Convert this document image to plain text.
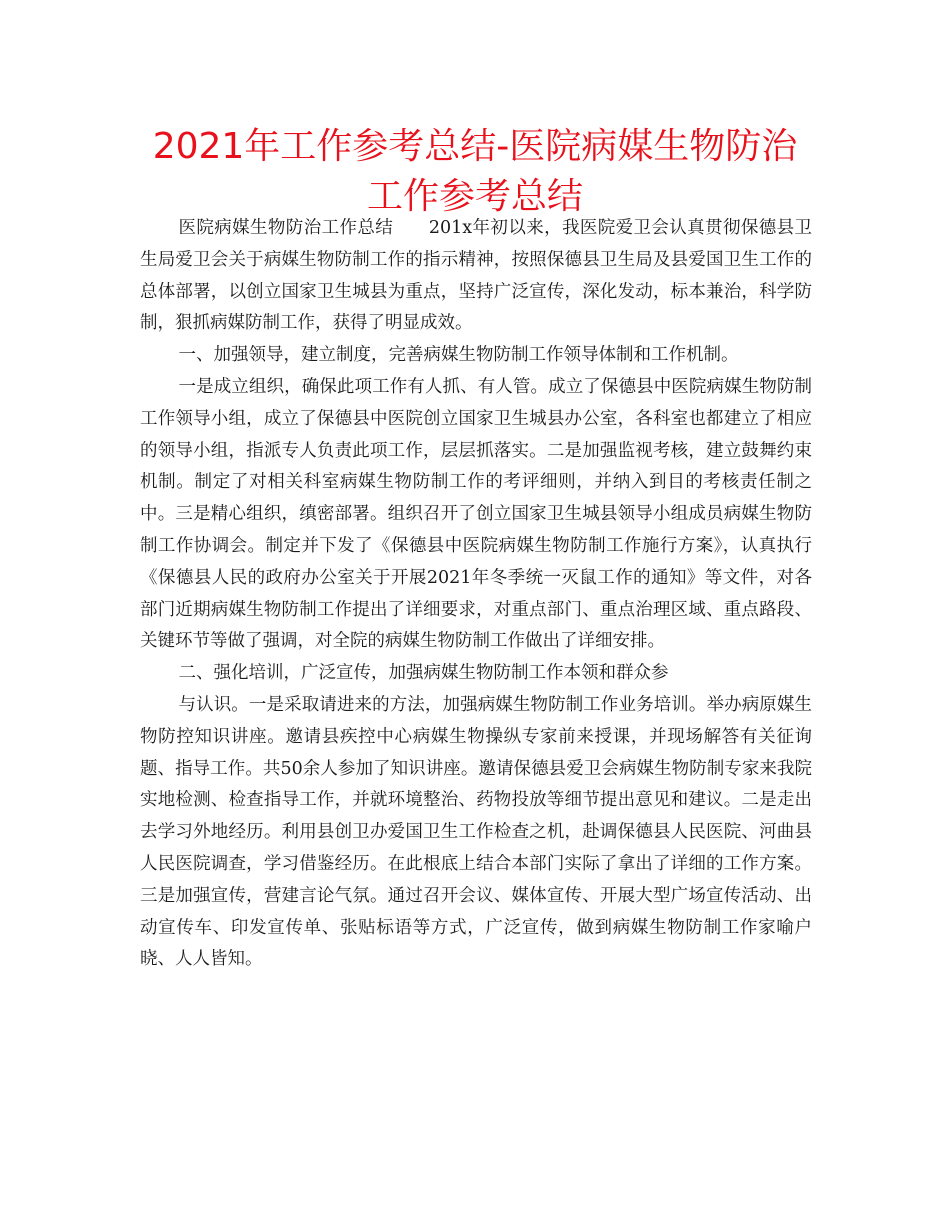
2021年工作参考总结-医院病媒生物防治工作参考总结

医院病媒生物防治工作总结　　201x年初以来，我医院爱卫会认真贯彻保德县卫生局爱卫会关于病媒生物防制工作的指示精神，按照保德县卫生局及县爱国卫生工作的总体部署，以创立国家卫生城县为重点，坚持广泛宣传，深化发动，标本兼治，科学防制，狠抓病媒防制工作，获得了明显成效。

一、加强领导，建立制度，完善病媒生物防制工作领导体制和工作机制。

一是成立组织，确保此项工作有人抓、有人管。成立了保德县中医院病媒生物防制工作领导小组，成立了保德县中医院创立国家卫生城县办公室，各科室也都建立了相应的领导小组，指派专人负责此项工作，层层抓落实。二是加强监视考核，建立鼓舞约束机制。制定了对相关科室病媒生物防制工作的考评细则，并纳入到目的考核责任制之中。三是精心组织，缜密部署。组织召开了创立国家卫生城县领导小组成员病媒生物防制工作协调会。制定并下发了《保德县中医院病媒生物防制工作施行方案》，认真执行《保德县人民的政府办公室关于开展2021年冬季统一灭鼠工作的通知》等文件，对各部门近期病媒生物防制工作提出了详细要求，对重点部门、重点治理区域、重点路段、关键环节等做了强调，对全院的病媒生物防制工作做出了详细安排。

二、强化培训，广泛宣传，加强病媒生物防制工作本领和群众参

与认识。一是采取请进来的方法，加强病媒生物防制工作业务培训。举办病原媒生物防控知识讲座。邀请县疾控中心病媒生物操纵专家前来授课，并现场解答有关征询题、指导工作。共50余人参加了知识讲座。邀请保德县爱卫会病媒生物防制专家来我院实地检测、检查指导工作，并就环境整治、药物投放等细节提出意见和建议。二是走出去学习外地经历。利用县创卫办爱国卫生工作检查之机，赴调保德县人民医院、河曲县人民医院调查，学习借鉴经历。在此根底上结合本部门实际了拿出了详细的工作方案。三是加强宣传，营建言论气氛。通过召开会议、媒体宣传、开展大型广场宣传活动、出动宣传车、印发宣传单、张贴标语等方式，广泛宣传，做到病媒生物防制工作家喻户晓、人人皆知。
